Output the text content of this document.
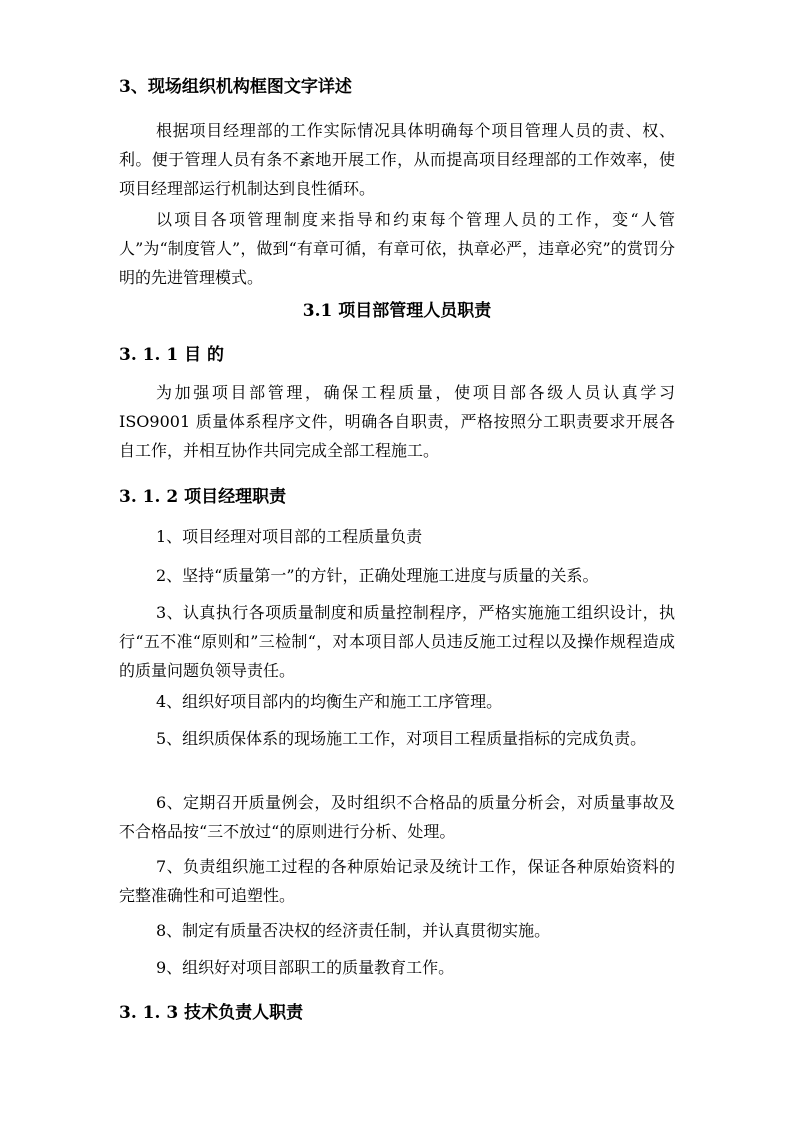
3、现场组织机构框图文字详述
根据项目经理部的工作实际情况具体明确每个项目管理人员的责、权、利。便于管理人员有条不紊地开展工作，从而提高项目经理部的工作效率，使项目经理部运行机制达到良性循环。
以项目各项管理制度来指导和约束每个管理人员的工作，变“人管人”为“制度管人”，做到“有章可循，有章可依，执章必严，违章必究”的赏罚分明的先进管理模式。
3.1 项目部管理人员职责
3. 1. 1 目 的
为加强项目部管理，确保工程质量，使项目部各级人员认真学习ISO9001 质量体系程序文件，明确各自职责，严格按照分工职责要求开展各自工作，并相互协作共同完成全部工程施工。
3. 1. 2 项目经理职责
1、项目经理对项目部的工程质量负责
2、坚持“质量第一”的方针，正确处理施工进度与质量的关系。
3、认真执行各项质量制度和质量控制程序，严格实施施工组织设计，执行“五不准“原则和”三检制“，对本项目部人员违反施工过程以及操作规程造成的质量问题负领导责任。
4、组织好项目部内的均衡生产和施工工序管理。
5、组织质保体系的现场施工工作，对项目工程质量指标的完成负责。
6、定期召开质量例会，及时组织不合格品的质量分析会，对质量事故及不合格品按“三不放过“的原则进行分析、处理。
7、负责组织施工过程的各种原始记录及统计工作，保证各种原始资料的完整准确性和可追塑性。
8、制定有质量否决权的经济责任制，并认真贯彻实施。
9、组织好对项目部职工的质量教育工作。
3. 1. 3 技术负责人职责
